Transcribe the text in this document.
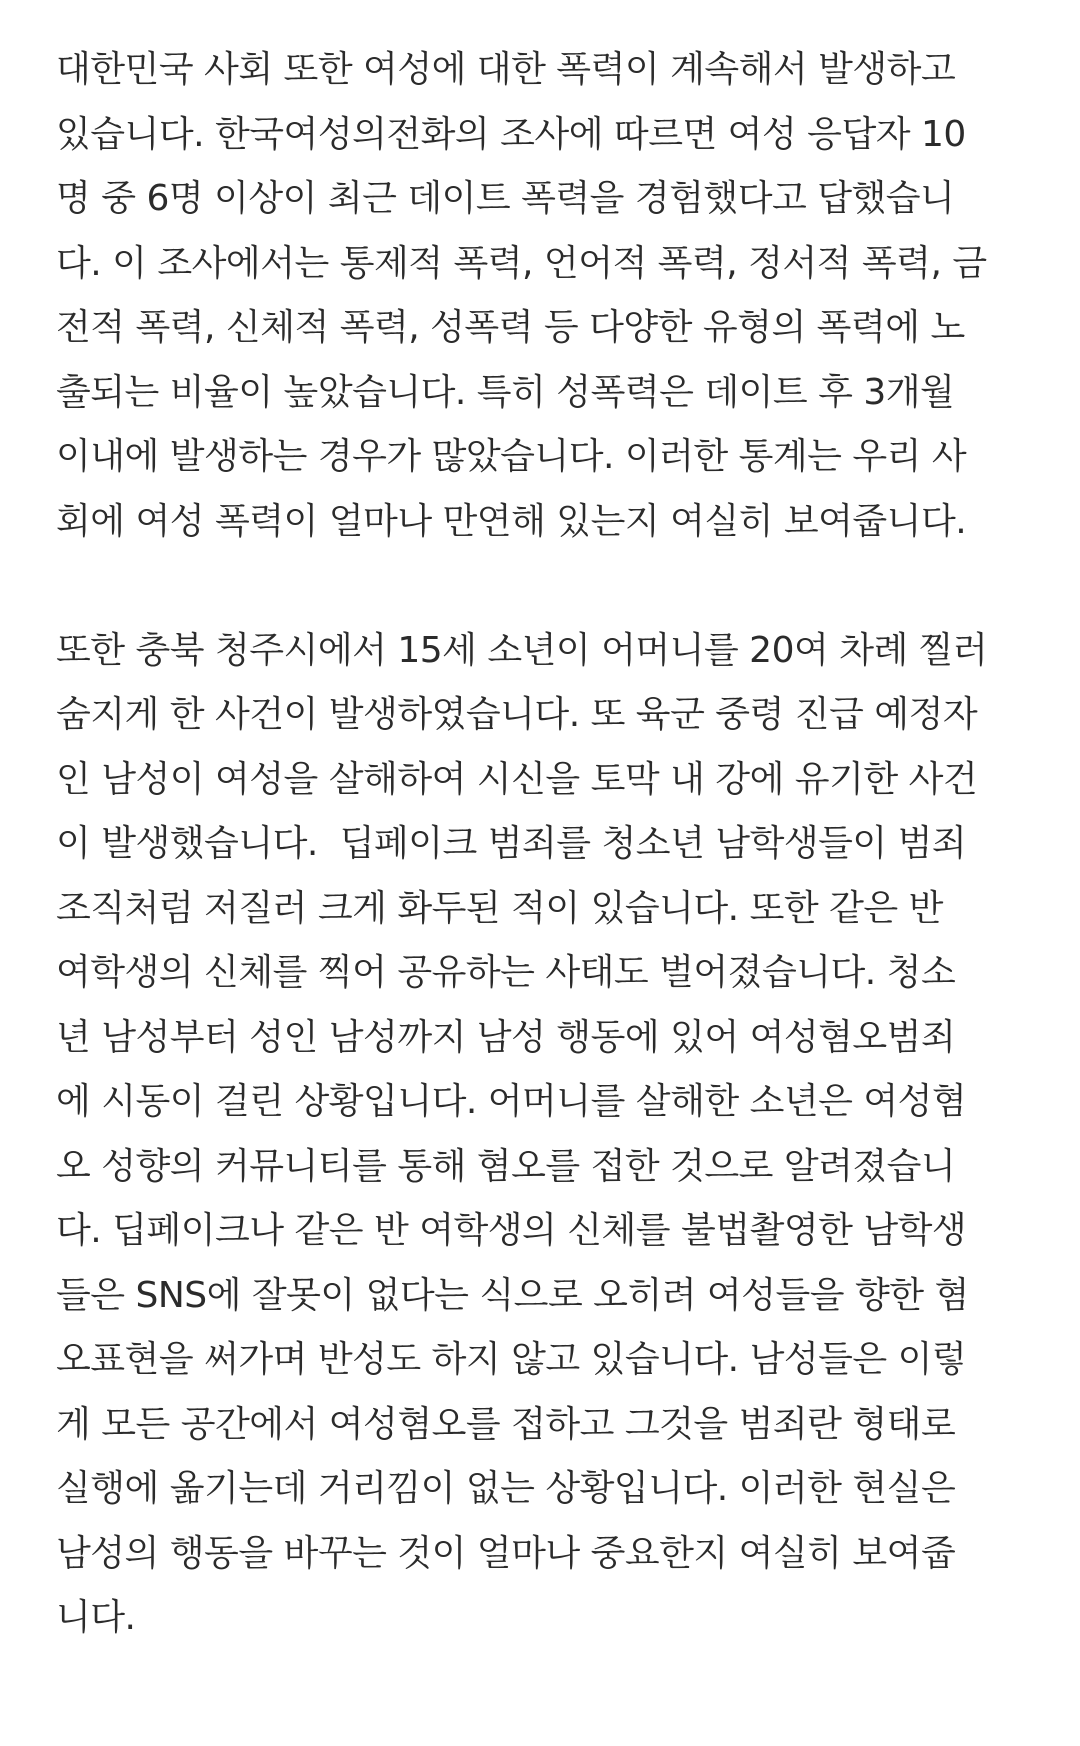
대한민국 사회 또한 여성에 대한 폭력이 계속해서 발생하고
있습니다. 한국여성의전화의 조사에 따르면 여성 응답자 10
명 중 6명 이상이 최근 데이트 폭력을 경험했다고 답했습니
다. 이 조사에서는 통제적 폭력, 언어적 폭력, 정서적 폭력, 금
전적 폭력, 신체적 폭력, 성폭력 등 다양한 유형의 폭력에 노
출되는 비율이 높았습니다. 특히 성폭력은 데이트 후 3개월
이내에 발생하는 경우가 많았습니다. 이러한 통계는 우리 사
회에 여성 폭력이 얼마나 만연해 있는지 여실히 보여줍니다.
또한 충북 청주시에서 15세 소년이 어머니를 20여 차례 찔러
숨지게 한 사건이 발생하였습니다. 또 육군 중령 진급 예정자
인 남성이 여성을 살해하여 시신을 토막 내 강에 유기한 사건
이 발생했습니다.  딥페이크 범죄를 청소년 남학생들이 범죄
조직처럼 저질러 크게 화두된 적이 있습니다. 또한 같은 반
여학생의 신체를 찍어 공유하는 사태도 벌어졌습니다. 청소
년 남성부터 성인 남성까지 남성 행동에 있어 여성혐오범죄
에 시동이 걸린 상황입니다. 어머니를 살해한 소년은 여성혐
오 성향의 커뮤니티를 통해 혐오를 접한 것으로 알려졌습니
다. 딥페이크나 같은 반 여학생의 신체를 불법촬영한 남학생
들은 SNS에 잘못이 없다는 식으로 오히려 여성들을 향한 혐
오표현을 써가며 반성도 하지 않고 있습니다. 남성들은 이렇
게 모든 공간에서 여성혐오를 접하고 그것을 범죄란 형태로
실행에 옮기는데 거리낌이 없는 상황입니다. 이러한 현실은
남성의 행동을 바꾸는 것이 얼마나 중요한지 여실히 보여줍
니다.
